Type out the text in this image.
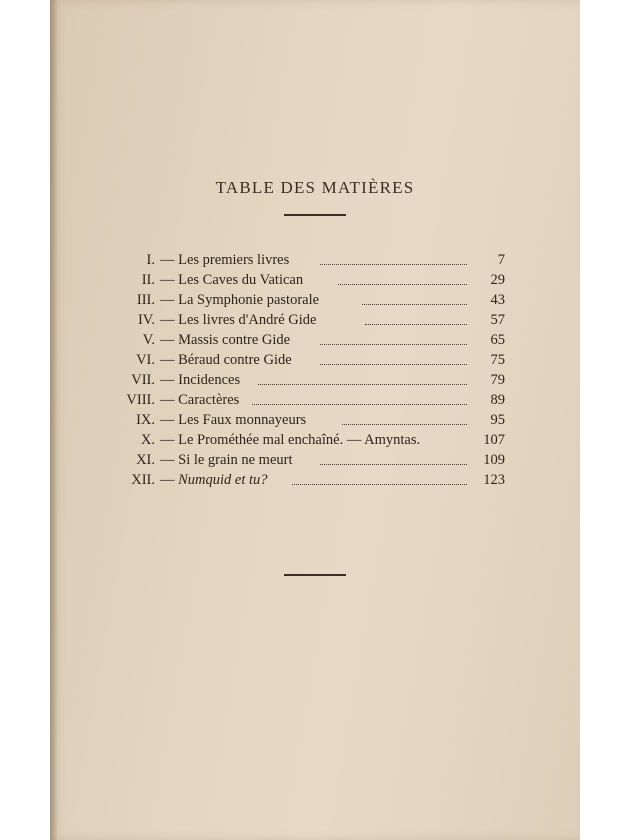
TABLE DES MATIÈRES
I. — Les premiers livres	7
II. — Les Caves du Vatican	29
III. — La Symphonie pastorale	43
IV. — Les livres d'André Gide	57
V. — Massis contre Gide	65
VI. — Béraud contre Gide	75
VII. — Incidences	79
VIII. — Caractères	89
IX. — Les Faux monnayeurs	95
X. — Le Prométhée mal enchaîné. — Amyntas.	107
XI. — Si le grain ne meurt	109
XII. — Numquid et tu?	123
